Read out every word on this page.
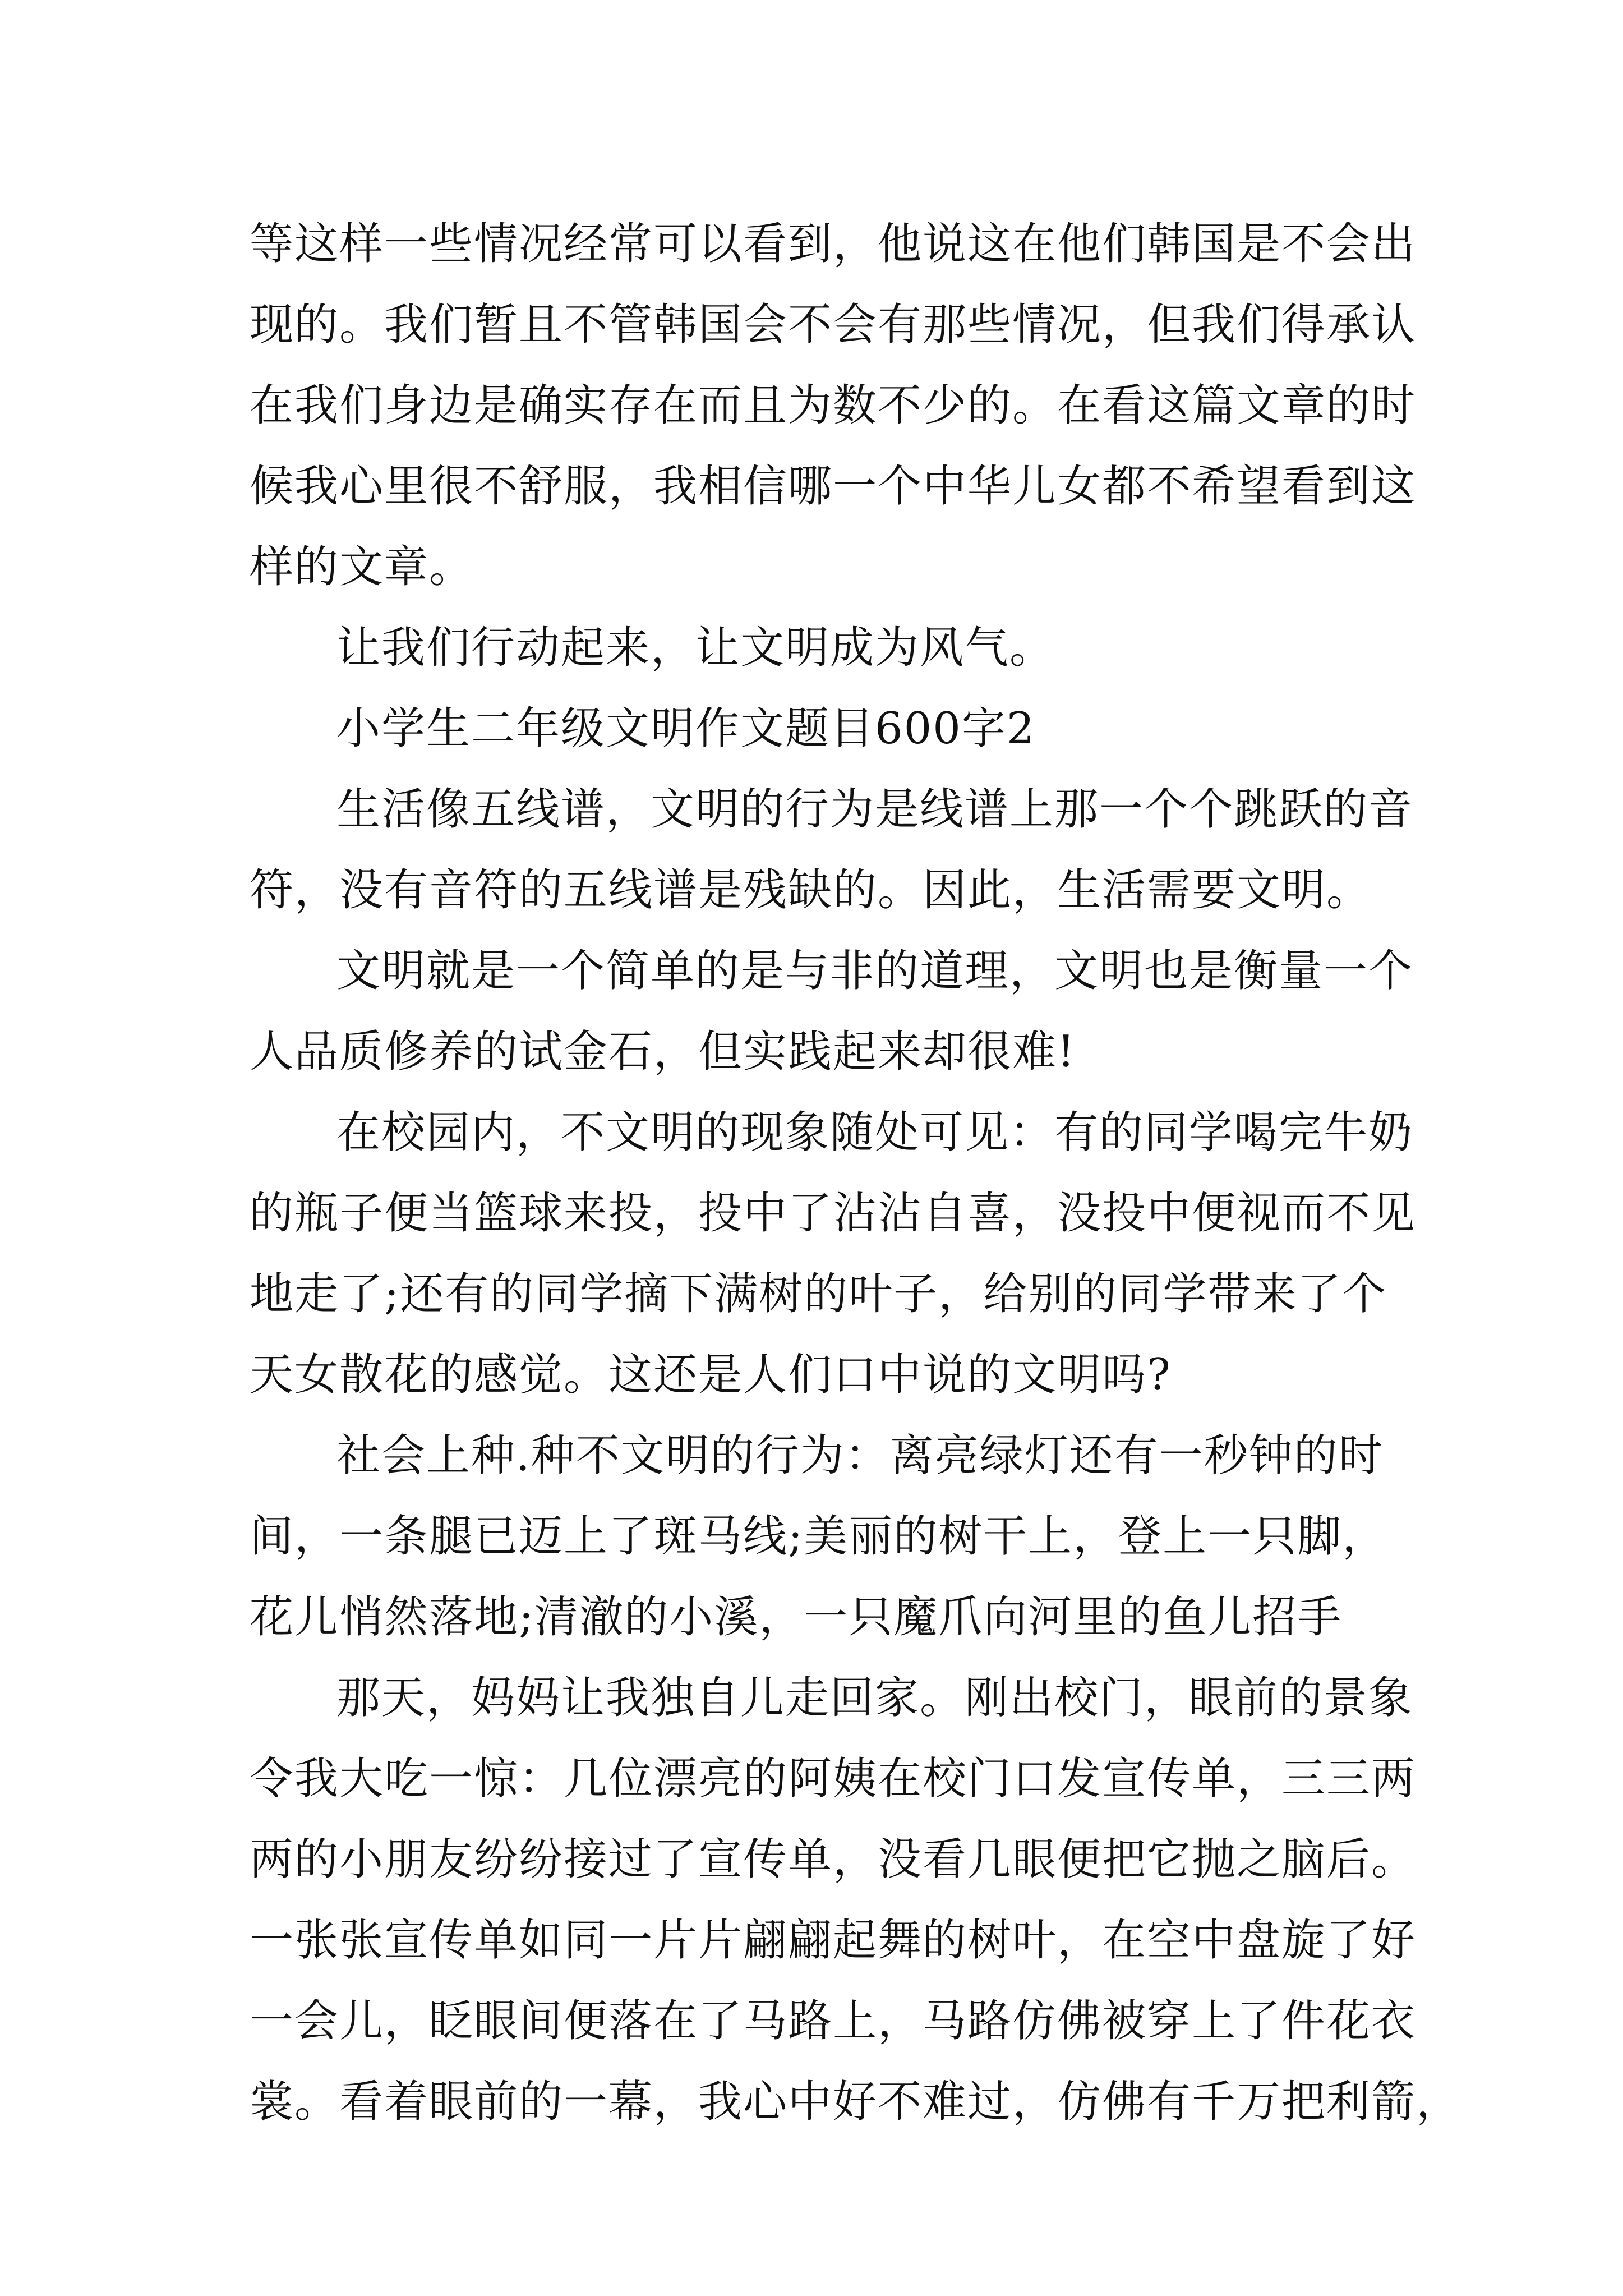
等这样一些情况经常可以看到，他说这在他们韩国是不会出
现的。我们暂且不管韩国会不会有那些情况，但我们得承认
在我们身边是确实存在而且为数不少的。在看这篇文章的时
候我心里很不舒服，我相信哪一个中华儿女都不希望看到这
样的文章。
让我们行动起来，让文明成为风气。
小学生二年级文明作文题目600字2
生活像五线谱，文明的行为是线谱上那一个个跳跃的音
符，没有音符的五线谱是残缺的。因此，生活需要文明。
文明就是一个简单的是与非的道理，文明也是衡量一个
人品质修养的试金石，但实践起来却很难!
在校园内，不文明的现象随处可见：有的同学喝完牛奶
的瓶子便当篮球来投，投中了沾沾自喜，没投中便视而不见
地走了;还有的同学摘下满树的叶子，给别的同学带来了个
天女散花的感觉。这还是人们口中说的文明吗?
社会上种.种不文明的行为：离亮绿灯还有一秒钟的时
间，一条腿已迈上了斑马线;美丽的树干上，登上一只脚，
花儿悄然落地;清澈的小溪，一只魔爪向河里的鱼儿招手
那天，妈妈让我独自儿走回家。刚出校门，眼前的景象
令我大吃一惊：几位漂亮的阿姨在校门口发宣传单，三三两
两的小朋友纷纷接过了宣传单，没看几眼便把它抛之脑后。
一张张宣传单如同一片片翩翩起舞的树叶，在空中盘旋了好
一会儿，眨眼间便落在了马路上，马路仿佛被穿上了件花衣
裳。看着眼前的一幕，我心中好不难过，仿佛有千万把利箭，
